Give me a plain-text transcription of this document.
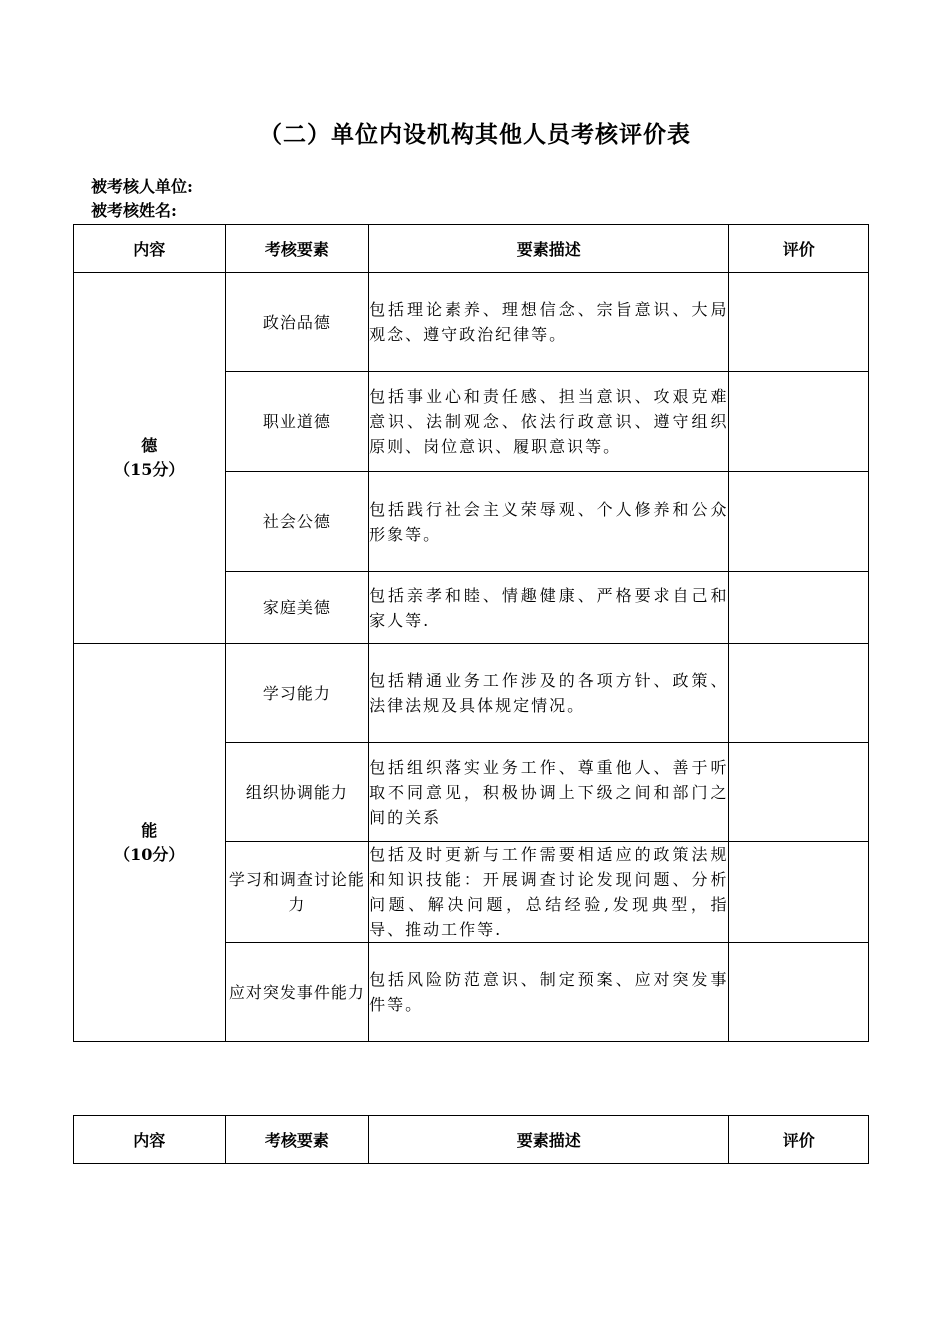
（二）单位内设机构其他人员考核评价表
被考核人单位:
被考核姓名:
内容	考核要素	要素描述	评价

德
（15分）	政治品德	包括理论素养、理想信念、宗旨意识、大局观念、遵守政治纪律等。	
	职业道德	包括事业心和责任感、担当意识、攻艰克难意识、法制观念、依法行政意识、遵守组织原则、岗位意识、履职意识等。	
	社会公德	包括践行社会主义荣辱观、个人修养和公众形象等。	
	家庭美德	包括亲孝和睦、情趣健康、严格要求自己和家人等.	

能
（10分）	学习能力	包括精通业务工作涉及的各项方针、政策、法律法规及具体规定情况。	
	组织协调能力	包括组织落实业务工作、尊重他人、善于听取不同意见，积极协调上下级之间和部门之间的关系	
	学习和调查讨论能力	包括及时更新与工作需要相适应的政策法规和知识技能：开展调查讨论发现问题、分析问题、解决问题，总结经验,发现典型，指导、推动工作等.	
	应对突发事件能力	包括风险防范意识、制定预案、应对突发事件等。	
内容	考核要素	要素描述	评价
